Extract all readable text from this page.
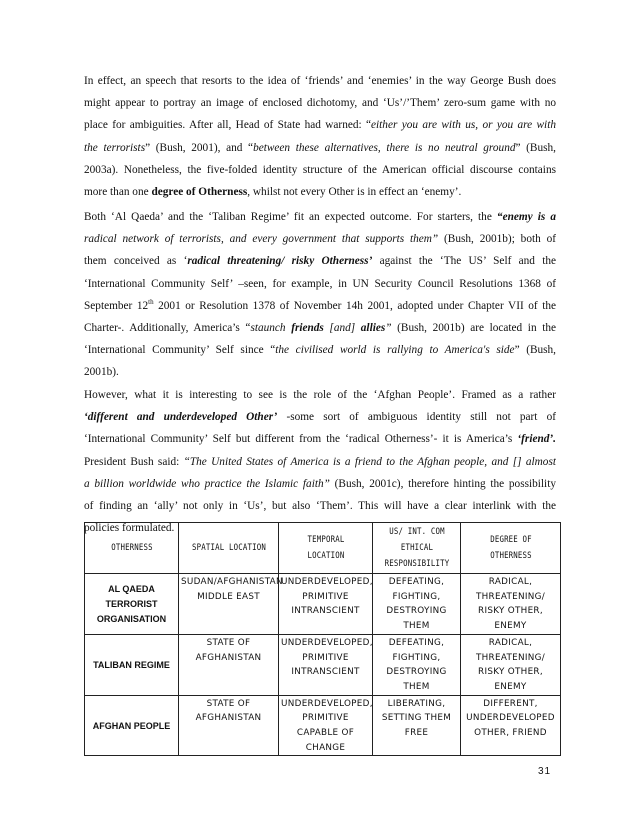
In effect, an speech that resorts to the idea of ‘friends’ and ‘enemies’ in the way George Bush does
might appear to portray an image of enclosed dichotomy, and ‘Us’/’Them’ zero-sum game with no
place for ambiguities. After all, Head of State had warned: “either you are with us, or you are with
the terrorists” (Bush, 2001), and “between these alternatives, there is no neutral ground” (Bush,
2003a). Nonetheless, the five-folded identity structure of the American official discourse contains
more than one degree of Otherness, whilst not every Other is in effect an ‘enemy’.
Both ‘Al Qaeda’ and the ‘Taliban Regime’ fit an expected outcome. For starters, the “enemy is a
radical network of terrorists, and every government that supports them” (Bush, 2001b); both of
them conceived as ‘radical threatening/ risky Otherness’ against the ‘The US’ Self and the
‘International Community Self’ –seen, for example, in UN Security Council Resolutions 1368 of
September 12th 2001 or Resolution 1378 of November 14h 2001, adopted under Chapter VII of the
Charter-. Additionally, America’s “staunch friends [and] allies” (Bush, 2001b) are located in the
‘International Community’ Self since “the civilised world is rallying to America's side” (Bush,
2001b).
However, what it is interesting to see is the role of the ‘Afghan People’. Framed as a rather
‘different and underdeveloped Other’ -some sort of ambiguous identity still not part of
‘International Community’ Self but different from the ‘radical Otherness’- it is America’s ‘friend’.
President Bush said: “The United States of America is a friend to the Afghan people, and [] almost
a billion worldwide who practice the Islamic faith” (Bush, 2001c), therefore hinting the possibility
of finding an ‘ally’ not only in ‘Us’, but also ‘Them’. This will have a clear interlink with the
policies formulated.
OTHERNESS	SPATIAL LOCATION	TEMPORAL LOCATION	US/ INT. COM ETHICAL RESPONSIBILITY	DEGREE OF OTHERNESS
AL QAEDA TERRORIST ORGANISATION	SUDAN/AFGHANISTAN MIDDLE EAST	UNDERDEVELOPED, PRIMITIVE INTRANSCIENT	DEFEATING, FIGHTING, DESTROYING THEM	RADICAL, THREATENING/ RISKY OTHER, ENEMY
TALIBAN REGIME	STATE OF AFGHANISTAN	UNDERDEVELOPED, PRIMITIVE INTRANSCIENT	DEFEATING, FIGHTING, DESTROYING THEM	RADICAL, THREATENING/ RISKY OTHER, ENEMY
AFGHAN PEOPLE	STATE OF AFGHANISTAN	UNDERDEVELOPED, PRIMITIVE CAPABLE OF CHANGE	LIBERATING, SETTING THEM FREE	DIFFERENT, UNDERDEVELOPED OTHER, FRIEND
31
